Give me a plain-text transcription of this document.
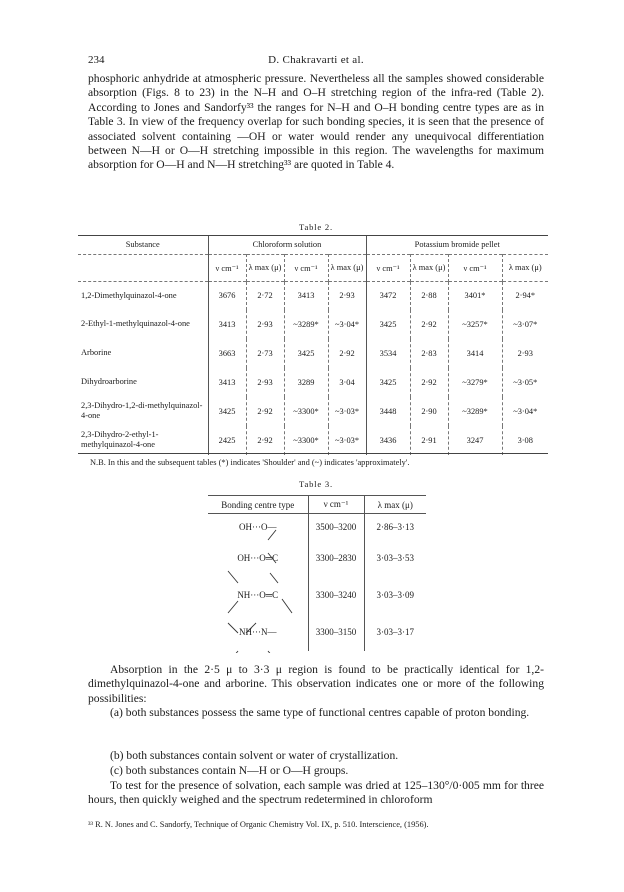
234	D. Chakravarti et al.

phosphoric anhydride at atmospheric pressure. Nevertheless all the samples showed considerable absorption (Figs. 8 to 23) in the N–H and O–H stretching region of the infra-red (Table 2). According to Jones and Sandorfy³³ the ranges for N–H and O–H bonding centre types are as in Table 3. In view of the frequency overlap for such bonding species, it is seen that the presence of associated solvent containing —OH or water would render any unequivocal differentiation between N—H or O—H stretching impossible in this region. The wavelengths for maximum absorption for O—H and N—H stretching³³ are quoted in Table 4.

Table 2.
Substance	Chloroform solution				Potassium bromide pellet			
	ν cm⁻¹	λ max (μ)	ν cm⁻¹	λ max (μ)	ν cm⁻¹	λ max (μ)	ν cm⁻¹	λ max (μ)
1,2-Dimethylquinazol-4-one	3676	2·72	3413	2·93	3472	2·88	3401*	2·94*
2-Ethyl-1-methylquinazol-4-one	3413	2·93	~3289*	~3·04*	3425	2·92	~3257*	~3·07*
Arborine	3663	2·73	3425	2·92	3534	2·83	3414	2·93
Dihydroarborine	3413	2·93	3289	3·04	3425	2·92	~3279*	~3·05*
2,3-Dihydro-1,2-di-methylquinazol-4-one	3425	2·92	~3300*	~3·03*	3448	2·90	~3289*	~3·04*
2,3-Dihydro-2-ethyl-1-methylquinazol-4-one	2425	2·92	~3300*	~3·03*	3436	2·91	3247	3·08
N.B. In this and the subsequent tables (*) indicates 'Shoulder' and (~) indicates 'approximately'.
Table 3.
Bonding centre type	ν cm⁻¹	λ max (μ)
OH···O—	3500–3200	2·86–3·13
OH···O═C	3300–2830	3·03–3·53
NH···O═C	3300–3240	3·03–3·09
NH···N—	3300–3150	3·03–3·17

Absorption in the 2·5 μ to 3·3 μ region is found to be practically identical for 1,2-dimethylquinazol-4-one and arborine. This observation indicates one or more of the following possibilities:

(a) both substances possess the same type of functional centres capable of proton bonding.

(b) both substances contain solvent or water of crystallization.

(c) both substances contain N—H or O—H groups.

To test for the presence of solvation, each sample was dried at 125–130°/0·005 mm for three hours, then quickly weighed and the spectrum redetermined in chloroform

³³ R. N. Jones and C. Sandorfy, Technique of Organic Chemistry Vol. IX, p. 510. Interscience, (1956).
